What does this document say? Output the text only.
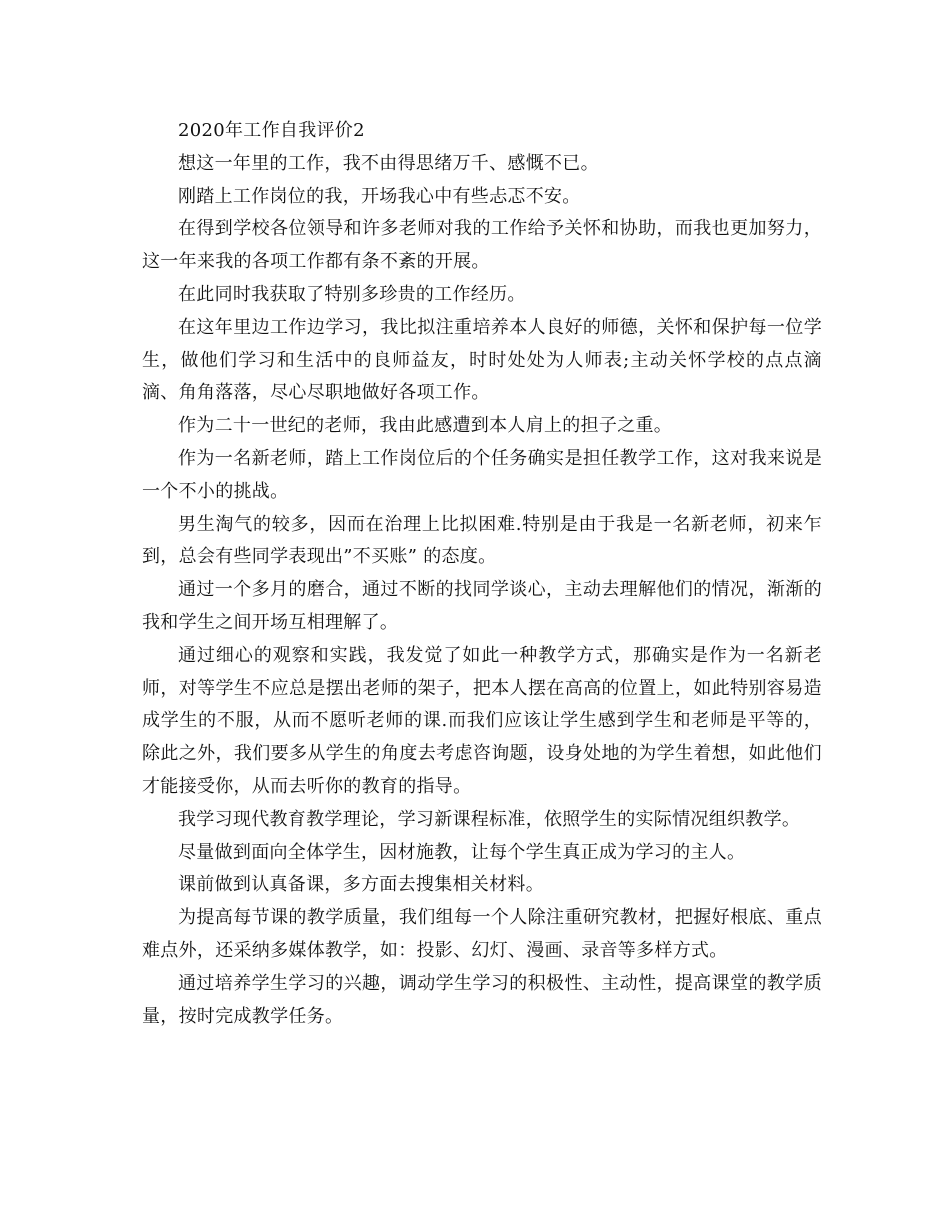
2020年工作自我评价2

想这一年里的工作，我不由得思绪万千、感慨不已。

刚踏上工作岗位的我，开场我心中有些忐忑不安。

在得到学校各位领导和许多老师对我的工作给予关怀和协助，而我也更加努力，这一年来我的各项工作都有条不紊的开展。

在此同时我获取了特别多珍贵的工作经历。

在这年里边工作边学习，我比拟注重培养本人良好的师德，关怀和保护每一位学生，做他们学习和生活中的良师益友，时时处处为人师表;主动关怀学校的点点滴滴、角角落落，尽心尽职地做好各项工作。

作为二十一世纪的老师，我由此感遭到本人肩上的担子之重。

作为一名新老师，踏上工作岗位后的个任务确实是担任教学工作，这对我来说是一个不小的挑战。

男生淘气的较多，因而在治理上比拟困难.特别是由于我是一名新老师，初来乍到，总会有些同学表现出”不买账” 的态度。

通过一个多月的磨合，通过不断的找同学谈心，主动去理解他们的情况，渐渐的我和学生之间开场互相理解了。

通过细心的观察和实践，我发觉了如此一种教学方式，那确实是作为一名新老师，对等学生不应总是摆出老师的架子，把本人摆在高高的位置上，如此特别容易造成学生的不服，从而不愿听老师的课.而我们应该让学生感到学生和老师是平等的，除此之外，我们要多从学生的角度去考虑咨询题，设身处地的为学生着想，如此他们才能接受你，从而去听你的教育的指导。

我学习现代教育教学理论，学习新课程标准，依照学生的实际情况组织教学。

尽量做到面向全体学生，因材施教，让每个学生真正成为学习的主人。

课前做到认真备课，多方面去搜集相关材料。

为提高每节课的教学质量，我们组每一个人除注重研究教材，把握好根底、重点难点外，还采纳多媒体教学，如：投影、幻灯、漫画、录音等多样方式。

通过培养学生学习的兴趣，调动学生学习的积极性、主动性，提高课堂的教学质量，按时完成教学任务。
